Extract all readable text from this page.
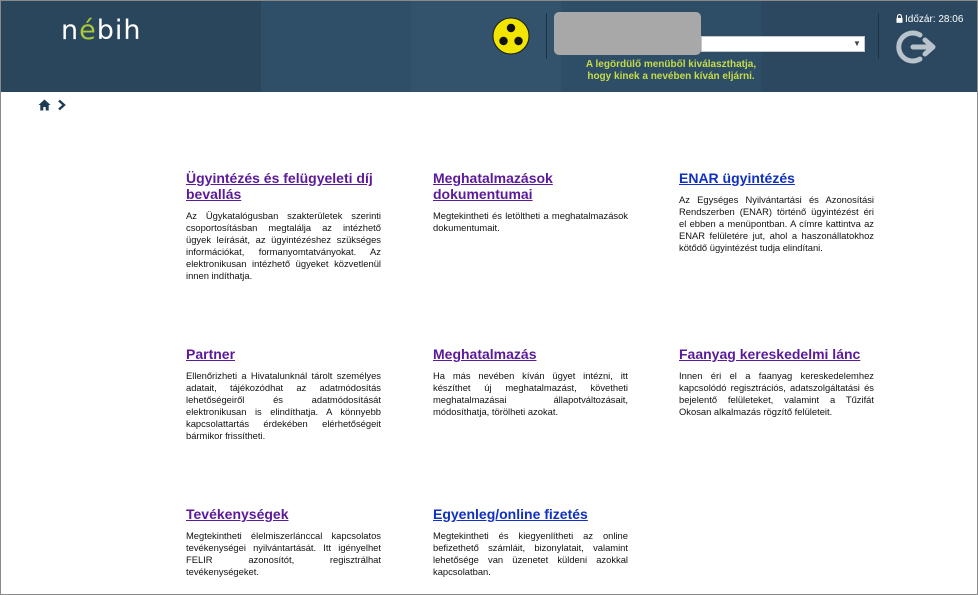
nébih	▼
A legördülő menüből kiválaszthatja,
hogy kinek a nevében kíván eljárni.
Időzár: 28:06

Ügyintézés és felügyeleti díj bevallás

Az Ügykatalógusban szakterületek szerinti csoportosításban megtalálja az intézhető ügyek leírását, az ügyintézéshez szükséges információkat, formanyomtatványokat. Az elektronikusan intézhető ügyeket közvetlenül innen indíthatja.

Meghatalmazások dokumentumai

Megtekintheti és letöltheti a meghatalmazások dokumentumait.

ENAR ügyintézés

Az Egységes Nyilvántartási és Azonosítási Rendszerben (ENAR) történő ügyintézést éri el ebben a menüpontban. A címre kattintva az ENAR felületére jut, ahol a haszonállatokhoz kötődő ügyintézést tudja elindítani.

Partner

Ellenőrizheti a Hivatalunknál tárolt személyes adatait, tájékozódhat az adatmódosítás lehetőségeiről és adatmódosítását elektronikusan is elindíthatja. A könnyebb kapcsolattartás érdekében elérhetőségeit bármikor frissítheti.

Meghatalmazás

Ha más nevében kíván ügyet intézni, itt készíthet új meghatalmazást, követheti meghatalmazásai állapotváltozásait, módosíthatja, törölheti azokat.

Faanyag kereskedelmi lánc

Innen éri el a faanyag kereskedelemhez kapcsolódó regisztrációs, adatszolgáltatási és bejelentő felületeket, valamint a Tűzifát Okosan alkalmazás rögzítő felületeit.

Tevékenységek

Megtekintheti élelmiszerlánccal kapcsolatos tevékenységei nyilvántartását. Itt igényelhet FELIR azonosítót, regisztrálhat tevékenységeket.

Egyenleg/online fizetés

Megtekintheti és kiegyenlítheti az online befizethető számláit, bizonylatait, valamint lehetősége van üzenetet küldeni azokkal kapcsolatban.
